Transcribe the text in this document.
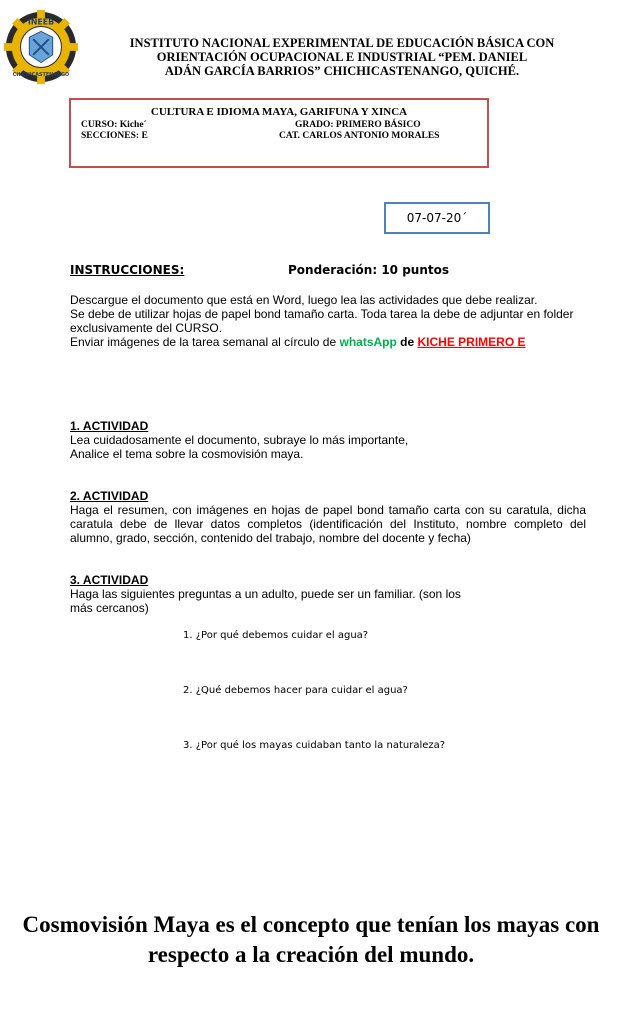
INEEB
CHICHICASTENANGO
INSTITUTO NACIONAL EXPERIMENTAL DE EDUCACIÓN BÁSICA CON
ORIENTACIÓN OCUPACIONAL E INDUSTRIAL “PEM. DANIEL
ADÁN GARCÍA BARRIOS” CHICHICASTENANGO, QUICHÉ.
CULTURA E IDIOMA MAYA, GARIFUNA Y XINCA
CURSO: Kiche´
SECCIONES: E
GRADO: PRIMERO BÁSICO
CAT. CARLOS ANTONIO MORALES
07-07-20´
INSTRUCCIONES:	Ponderación: 10 puntos
Descargue el documento que está en Word, luego lea las actividades que debe realizar.
Se debe de utilizar hojas de papel bond tamaño carta. Toda tarea la debe de adjuntar en folder exclusivamente del CURSO.
Enviar imágenes de la tarea semanal al círculo de whatsApp de KICHE PRIMERO E
1. ACTIVIDAD
Lea cuidadosamente el documento, subraye lo más importante,
Analice el tema sobre la cosmovisión maya.
2. ACTIVIDAD
Haga el resumen, con imágenes en hojas de papel bond tamaño carta con su caratula, dicha caratula debe de llevar datos completos (identificación del Instituto, nombre completo del alumno, grado, sección, contenido del trabajo, nombre del docente y fecha)
3. ACTIVIDAD
Haga las siguientes preguntas a un adulto, puede ser un familiar. (son los más cercanos)
1. ¿Por qué debemos cuidar el agua?
2. ¿Qué debemos hacer para cuidar el agua?
3. ¿Por qué los mayas cuidaban tanto la naturaleza?
Cosmovisión Maya es el concepto que tenían los mayas con respecto a la creación del mundo.
